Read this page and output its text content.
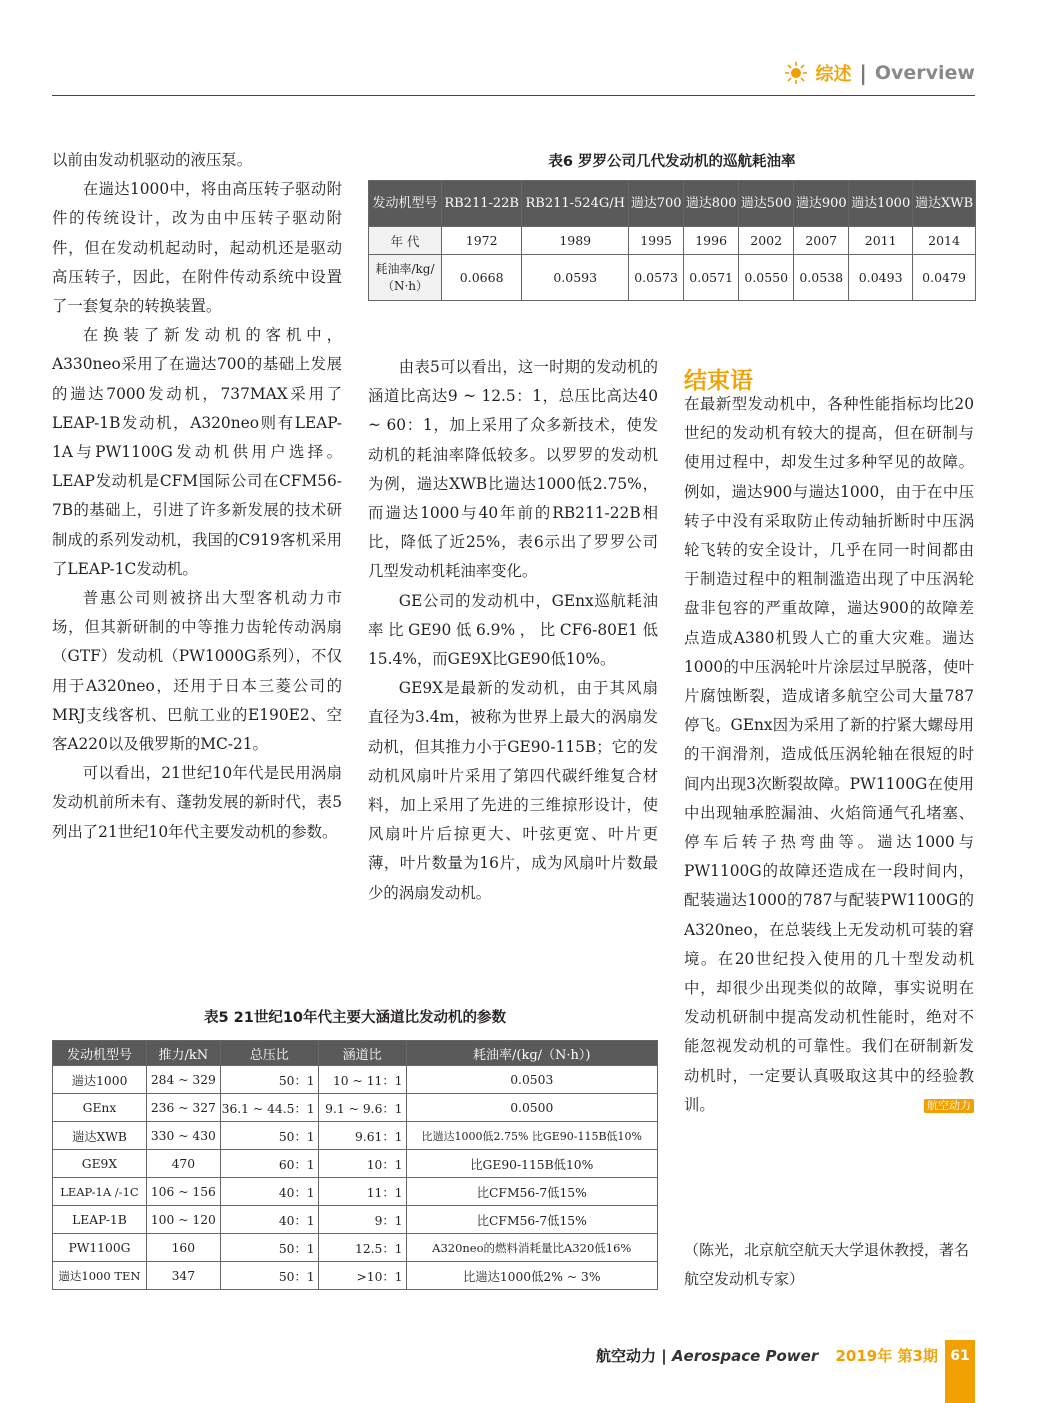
综述 | Overview

以前由发动机驱动的液压泵。

在遄达1000中，将由高压转子驱动附件的传统设计，改为由中压转子驱动附件，但在发动机起动时，起动机还是驱动高压转子，因此，在附件传动系统中设置了一套复杂的转换装置。

在换装了新发动机的客机中，A330neo采用了在遄达700的基础上发展的遄达7000发动机，737MAX采用了LEAP-1B发动机，A320neo则有LEAP-1A与PW1100G发动机供用户选择。LEAP发动机是CFM国际公司在CFM56-7B的基础上，引进了许多新发展的技术研制成的系列发动机，我国的C919客机采用了LEAP-1C发动机。

普惠公司则被挤出大型客机动力市场，但其新研制的中等推力齿轮传动涡扇（GTF）发动机（PW1000G系列），不仅用于A320neo，还用于日本三菱公司的MRJ支线客机、巴航工业的E190E2、空客A220以及俄罗斯的MC-21。

可以看出，21世纪10年代是民用涡扇发动机前所未有、蓬勃发展的新时代，表5列出了21世纪10年代主要发动机的参数。

表6 罗罗公司几代发动机的巡航耗油率
发动机型号	RB211-22B	RB211-524G/H	遄达700	遄达800	遄达500	遄达900	遄达1000	遄达XWB
年 代	1972	1989	1995	1996	2002	2007	2011	2014
耗油率/kg/（N·h）	0.0668	0.0593	0.0573	0.0571	0.0550	0.0538	0.0493	0.0479

由表5可以看出，这一时期的发动机的涵道比高达9 ~ 12.5：1，总压比高达40 ~ 60：1，加上采用了众多新技术，使发动机的耗油率降低较多。以罗罗的发动机为例，遄达XWB比遄达1000低2.75%，而遄达1000与40年前的RB211-22B相比，降低了近25%，表6示出了罗罗公司几型发动机耗油率变化。

GE公司的发动机中，GEnx巡航耗油率比GE90低6.9%，比CF6-80E1低15.4%，而GE9X比GE90低10%。

GE9X是最新的发动机，由于其风扇直径为3.4m，被称为世界上最大的涡扇发动机，但其推力小于GE90-115B；它的发动机风扇叶片采用了第四代碳纤维复合材料，加上采用了先进的三维掠形设计，使风扇叶片后掠更大、叶弦更宽、叶片更薄，叶片数量为16片，成为风扇叶片数最少的涡扇发动机。

结束语

在最新型发动机中，各种性能指标均比20世纪的发动机有较大的提高，但在研制与使用过程中，却发生过多种罕见的故障。例如，遄达900与遄达1000，由于在中压转子中没有采取防止传动轴折断时中压涡轮飞转的安全设计，几乎在同一时间都由于制造过程中的粗制滥造出现了中压涡轮盘非包容的严重故障，遄达900的故障差点造成A380机毁人亡的重大灾难。遄达1000的中压涡轮叶片涂层过早脱落，使叶片腐蚀断裂，造成诸多航空公司大量787停飞。GEnx因为采用了新的拧紧大螺母用的干润滑剂，造成低压涡轮轴在很短的时间内出现3次断裂故障。PW1100G在使用中出现轴承腔漏油、火焰筒通气孔堵塞、停车后转子热弯曲等。遄达1000与PW1100G的故障还造成在一段时间内，配装遄达1000的787与配装PW1100G的A320neo，在总装线上无发动机可装的窘境。在20世纪投入使用的几十型发动机中，却很少出现类似的故障，事实说明在发动机研制中提高发动机性能时，绝对不能忽视发动机的可靠性。我们在研制新发动机时，一定要认真吸取这其中的经验教训。	航空动力

（陈光，北京航空航天大学退休教授，著名航空发动机专家）
表5 21世纪10年代主要大涵道比发动机的参数
发动机型号	推力/kN	总压比	涵道比	耗油率/(kg/（N·h）)
遄达1000	284 ~ 329	50：1	10 ~ 11：1	0.0503
GEnx	236 ~ 327	36.1 ~ 44.5：1	9.1 ~ 9.6：1	0.0500
遄达XWB	330 ~ 430	50：1	9.61：1	比遄达1000低2.75% 比GE90-115B低10%
GE9X	470	60：1	10：1	比GE90-115B低10%
LEAP-1A /-1C	106 ~ 156	40：1	11：1	比CFM56-7低15%
LEAP-1B	100 ~ 120	40：1	9：1	比CFM56-7低15%
PW1100G	160	50：1	12.5：1	A320neo的燃料消耗量比A320低16%
遄达1000 TEN	347	50：1	>10：1	比遄达1000低2% ~ 3%
航空动力 | Aerospace Power 2019年 第3期 61
